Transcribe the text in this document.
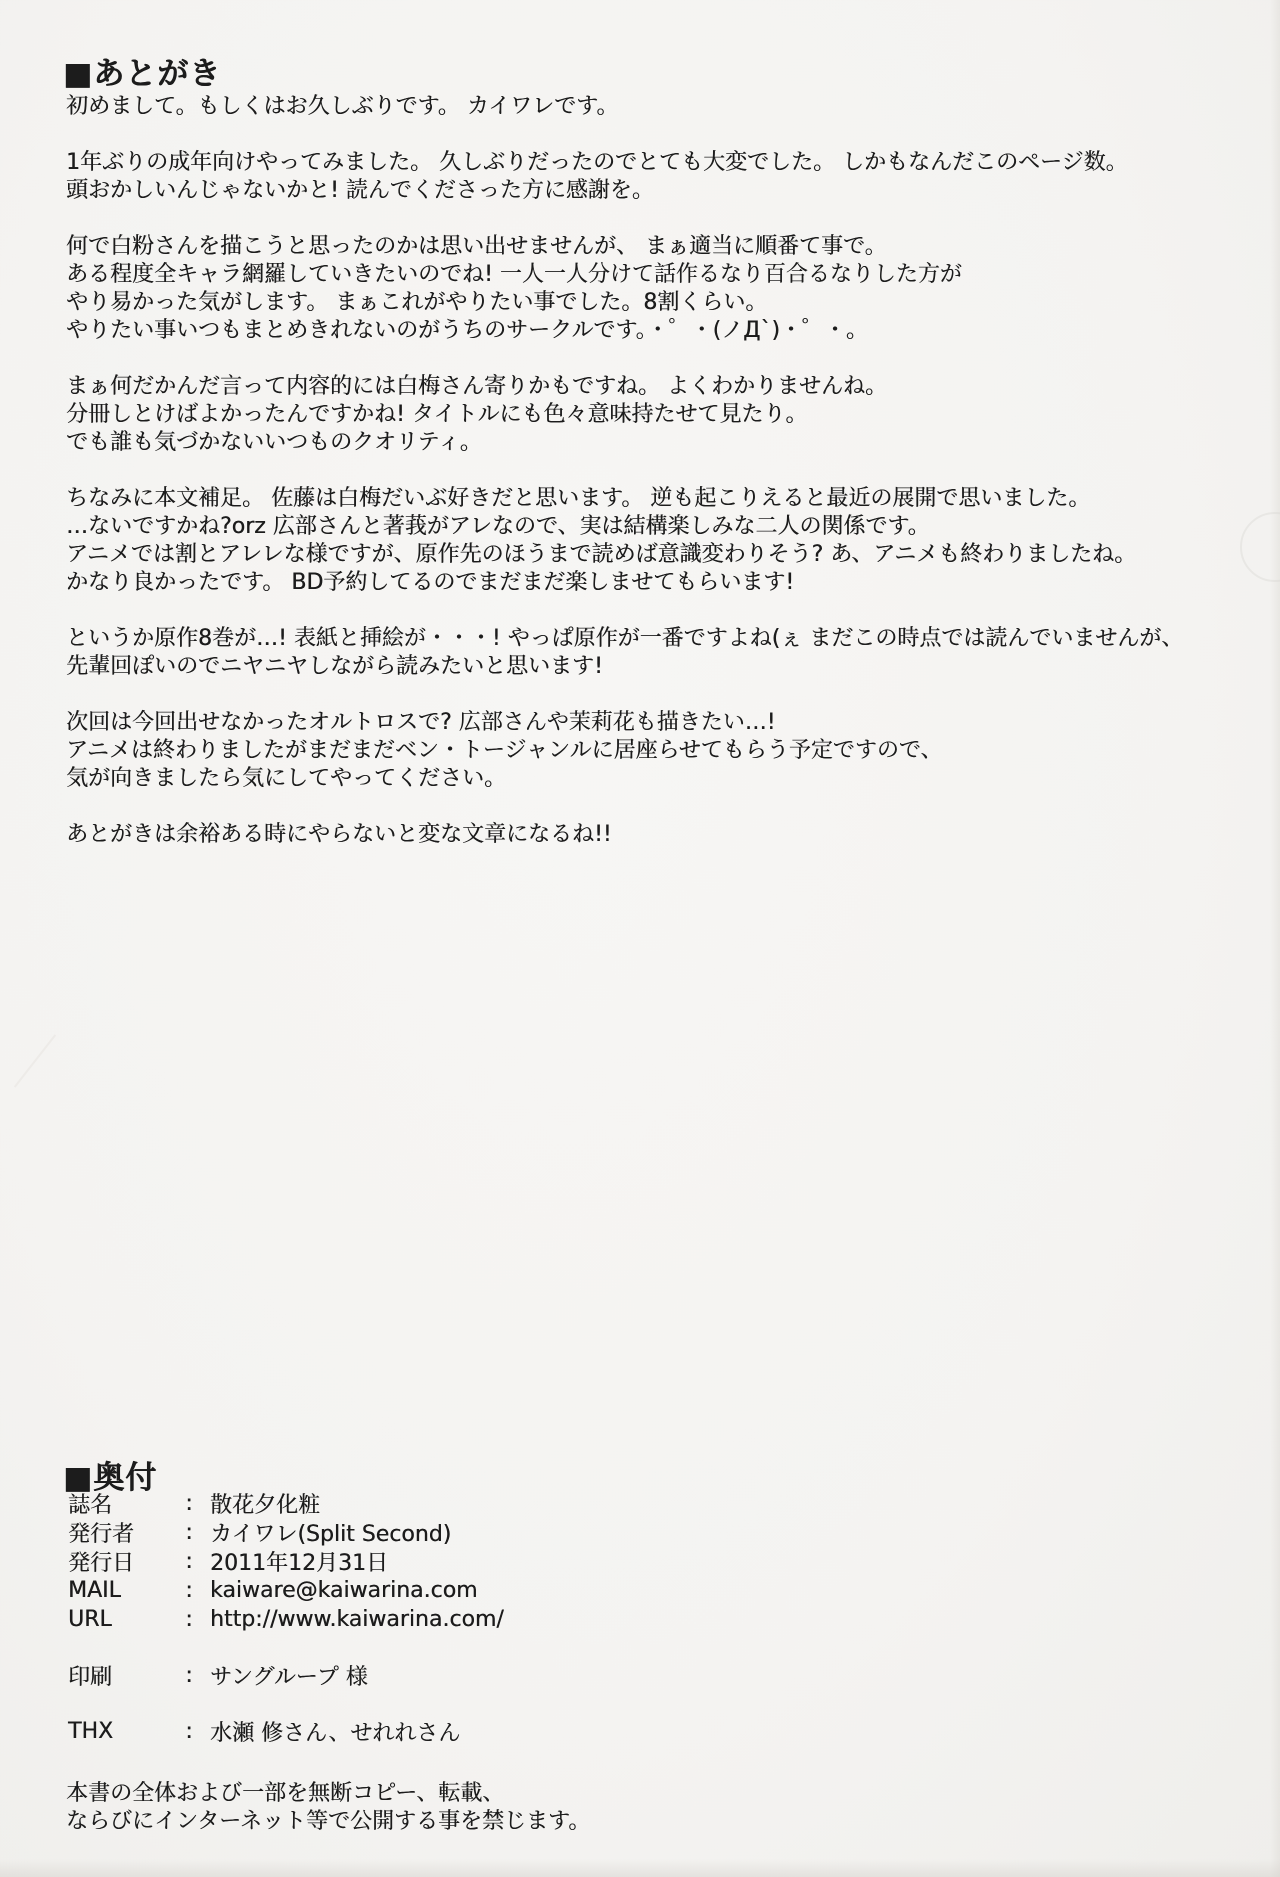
■あとがき

初めまして。もしくはお久しぶりです。 カイワレです。

1年ぶりの成年向けやってみました。 久しぶりだったのでとても大変でした。 しかもなんだこのページ数。 頭おかしいんじゃないかと! 読んでくださった方に感謝を。

何で白粉さんを描こうと思ったのかは思い出せませんが、 まぁ適当に順番て事で。 ある程度全キャラ網羅していきたいのでね! 一人一人分けて話作るなり百合るなりした方が やり易かった気がします。 まぁこれがやりたい事でした。8割くらい。 やりたい事いつもまとめきれないのがうちのサークルです。・゜・(ノД`)・゜・。

まぁ何だかんだ言って内容的には白梅さん寄りかもですね。 よくわかりませんね。 分冊しとけばよかったんですかね! タイトルにも色々意味持たせて見たり。 でも誰も気づかないいつものクオリティ。

ちなみに本文補足。 佐藤は白梅だいぶ好きだと思います。 逆も起こりえると最近の展開で思いました。 …ないですかね?orz 広部さんと著莪がアレなので、実は結構楽しみな二人の関係です。 アニメでは割とアレレな様ですが、原作先のほうまで読めば意識変わりそう? あ、アニメも終わりましたね。 かなり良かったです。 BD予約してるのでまだまだ楽しませてもらいます!

というか原作8巻が…! 表紙と挿絵が・・・! やっぱ原作が一番ですよね(ぇ まだこの時点では読んでいませんが、 先輩回ぽいのでニヤニヤしながら読みたいと思います!

次回は今回出せなかったオルトロスで? 広部さんや茉莉花も描きたい…! アニメは終わりましたがまだまだベン・トージャンルに居座らせてもらう予定ですので、 気が向きましたら気にしてやってください。

あとがきは余裕ある時にやらないと変な文章になるね!!

■奥付
誌名	: 散花夕化粧
発行者	: カイワレ(Split Second)
発行日	: 2011年12月31日
MAIL	: kaiware@kaiwarina.com
URL	: http://www.kaiwarina.com/
印刷	: サングループ 様
THX	: 水瀬 修さん、せれれさん
本書の全体および一部を無断コピー、転載、
ならびにインターネット等で公開する事を禁じます。
